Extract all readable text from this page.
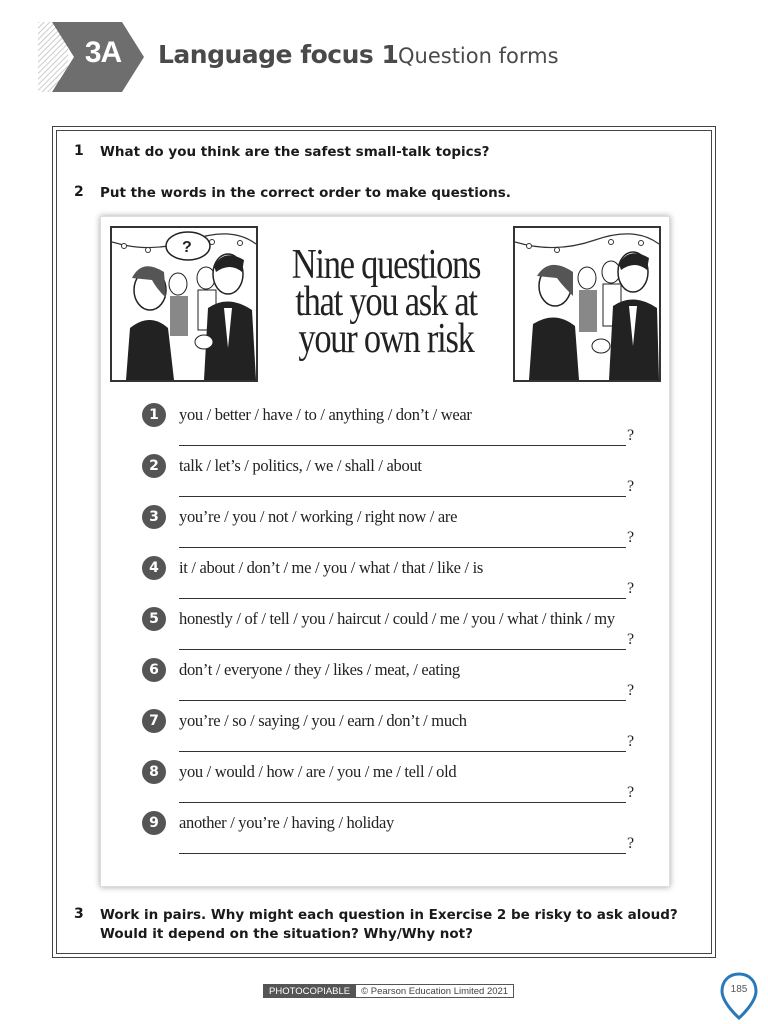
3A	Language focus 1 Question forms
1 What do you think are the safest small-talk topics?
2 Put the words in the correct order to make questions.
? Nine questions
that you ask at
your own risk
1	you / better / have / to / anything / don’t / wear
?
2	talk / let’s / politics, / we / shall / about
?
3	you’re / you / not / working / right now / are
?
4	it / about / don’t / me / you / what / that / like / is
?
5	honestly / of / tell / you / haircut / could / me / you / what / think / my
?
6	don’t / everyone / they / likes / meat, / eating
?
7	you’re / so / saying / you / earn / don’t / much
?
8	you / would / how / are / you / me / tell / old
?
9	another / you’re / having / holiday
?
3 Work in pairs. Why might each question in Exercise 2 be risky to ask aloud?
Would it depend on the situation? Why/Why not?
PHOTOCOPIABLE	© Pearson Education Limited 2021	185
